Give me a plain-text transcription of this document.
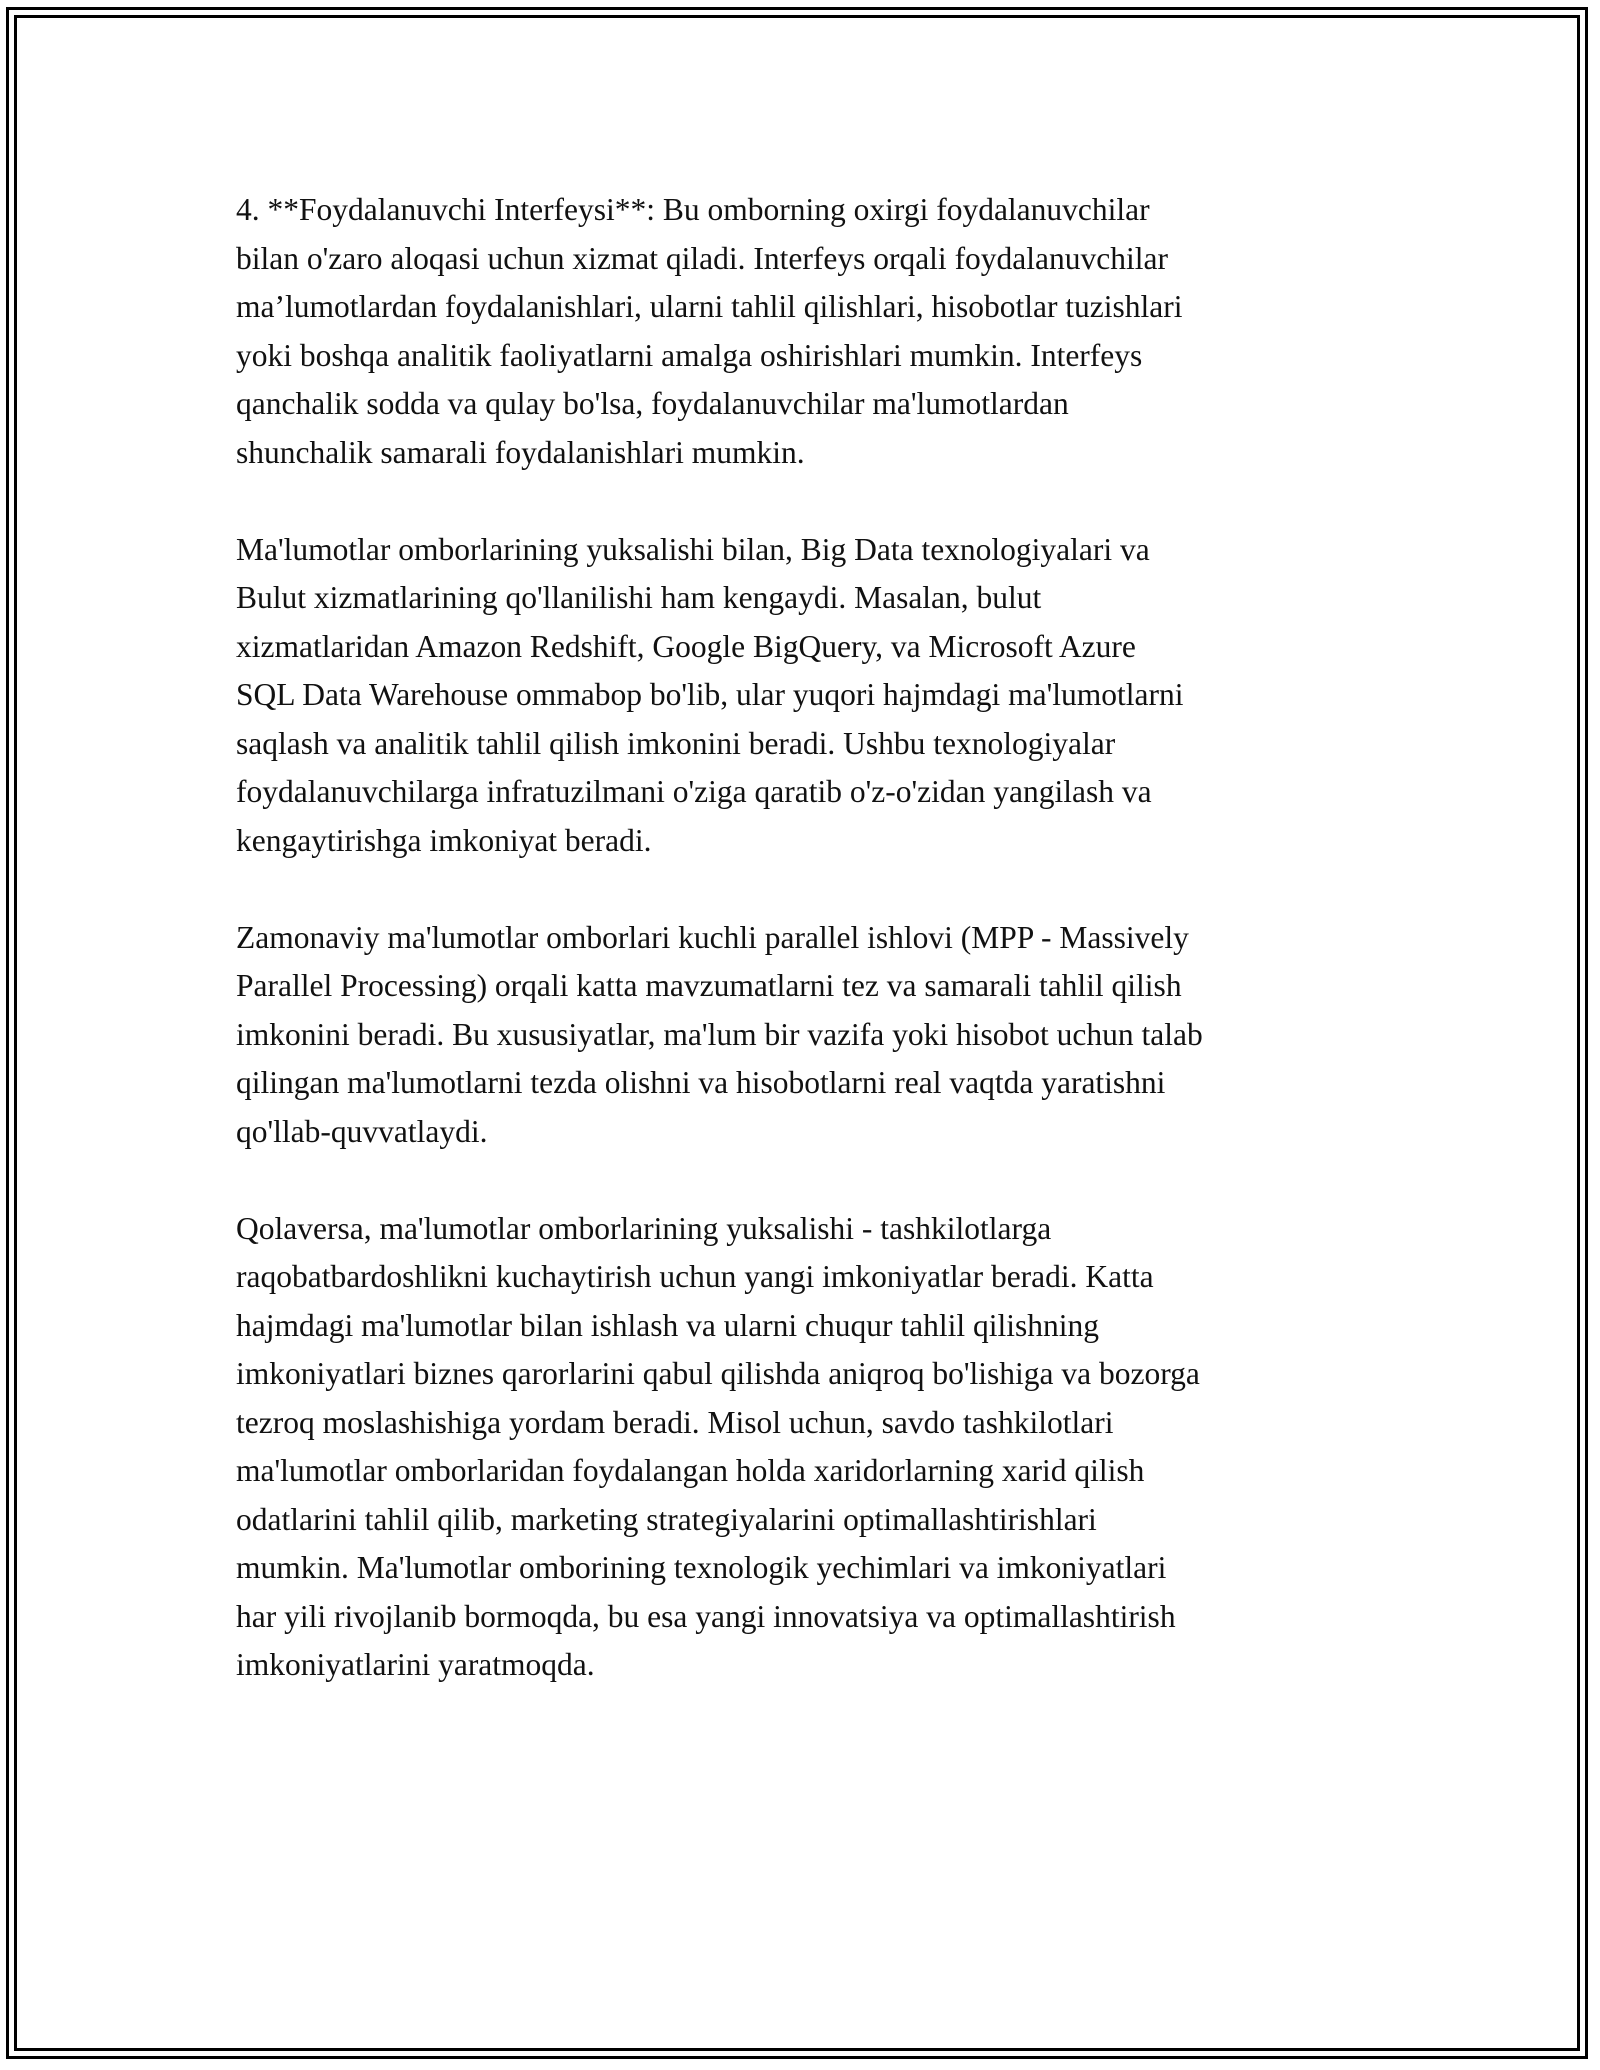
4. **Foydalanuvchi Interfeysi**: Bu omborning oxirgi foydalanuvchilar
bilan o'zaro aloqasi uchun xizmat qiladi. Interfeys orqali foydalanuvchilar
ma’lumotlardan foydalanishlari, ularni tahlil qilishlari, hisobotlar tuzishlari
yoki boshqa analitik faoliyatlarni amalga oshirishlari mumkin. Interfeys
qanchalik sodda va qulay bo'lsa, foydalanuvchilar ma'lumotlardan
shunchalik samarali foydalanishlari mumkin.

Ma'lumotlar omborlarining yuksalishi bilan, Big Data texnologiyalari va
Bulut xizmatlarining qo'llanilishi ham kengaydi. Masalan, bulut
xizmatlaridan Amazon Redshift, Google BigQuery, va Microsoft Azure
SQL Data Warehouse ommabop bo'lib, ular yuqori hajmdagi ma'lumotlarni
saqlash va analitik tahlil qilish imkonini beradi. Ushbu texnologiyalar
foydalanuvchilarga infratuzilmani o'ziga qaratib o'z-o'zidan yangilash va
kengaytirishga imkoniyat beradi.

Zamonaviy ma'lumotlar omborlari kuchli parallel ishlovi (MPP - Massively
Parallel Processing) orqali katta mavzumatlarni tez va samarali tahlil qilish
imkonini beradi. Bu xususiyatlar, ma'lum bir vazifa yoki hisobot uchun talab
qilingan ma'lumotlarni tezda olishni va hisobotlarni real vaqtda yaratishni
qo'llab-quvvatlaydi.

Qolaversa, ma'lumotlar omborlarining yuksalishi - tashkilotlarga
raqobatbardoshlikni kuchaytirish uchun yangi imkoniyatlar beradi. Katta
hajmdagi ma'lumotlar bilan ishlash va ularni chuqur tahlil qilishning
imkoniyatlari biznes qarorlarini qabul qilishda aniqroq bo'lishiga va bozorga
tezroq moslashishiga yordam beradi. Misol uchun, savdo tashkilotlari
ma'lumotlar omborlaridan foydalangan holda xaridorlarning xarid qilish
odatlarini tahlil qilib, marketing strategiyalarini optimallashtirishlari
mumkin. Ma'lumotlar omborining texnologik yechimlari va imkoniyatlari
har yili rivojlanib bormoqda, bu esa yangi innovatsiya va optimallashtirish
imkoniyatlarini yaratmoqda.
